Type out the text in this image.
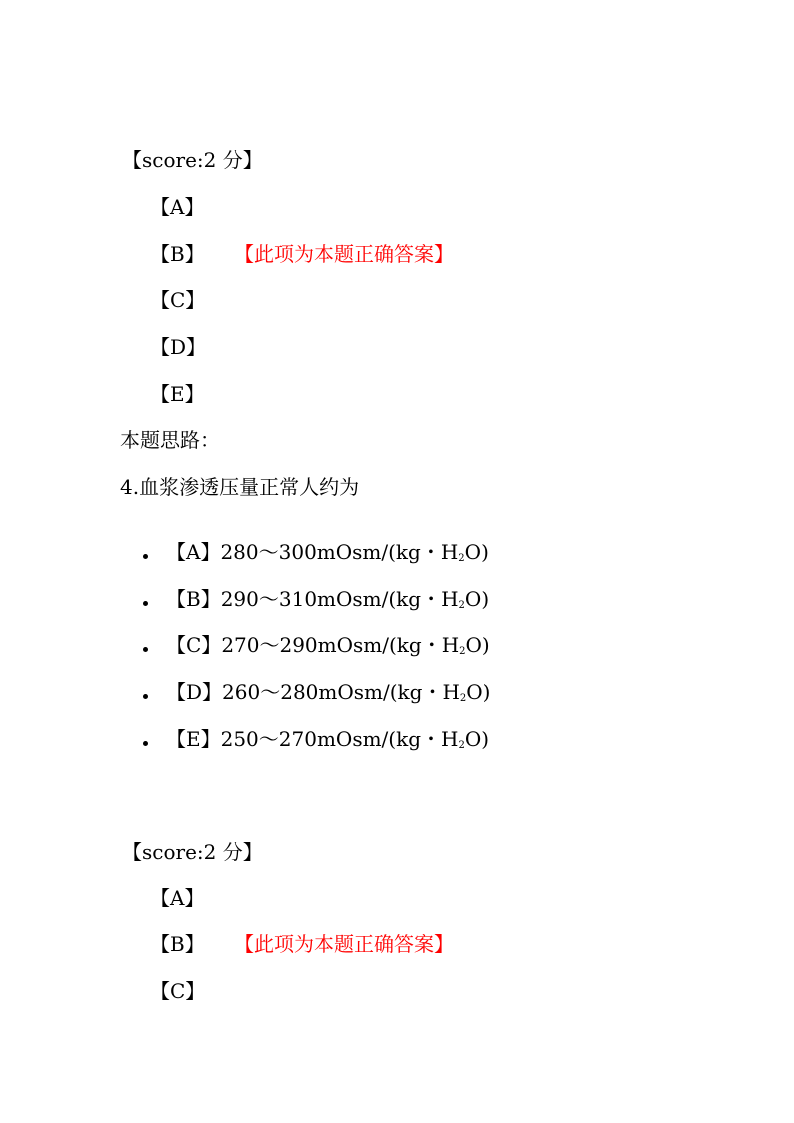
【score:2 分】
【A】
【B】 【此项为本题正确答案】
【C】
【D】
【E】
本题思路：
4.血浆渗透压量正常人约为
【A】280～300mOsm/(kg・$H_2O$)
【B】290～310mOsm/(kg・$H_2O$)
【C】270～290mOsm/(kg・$H_2O$)
【D】260～280mOsm/(kg・$H_2O$)
【E】250～270mOsm/(kg・$H_2O$)
【score:2 分】
【A】
【B】 【此项为本题正确答案】
【C】
